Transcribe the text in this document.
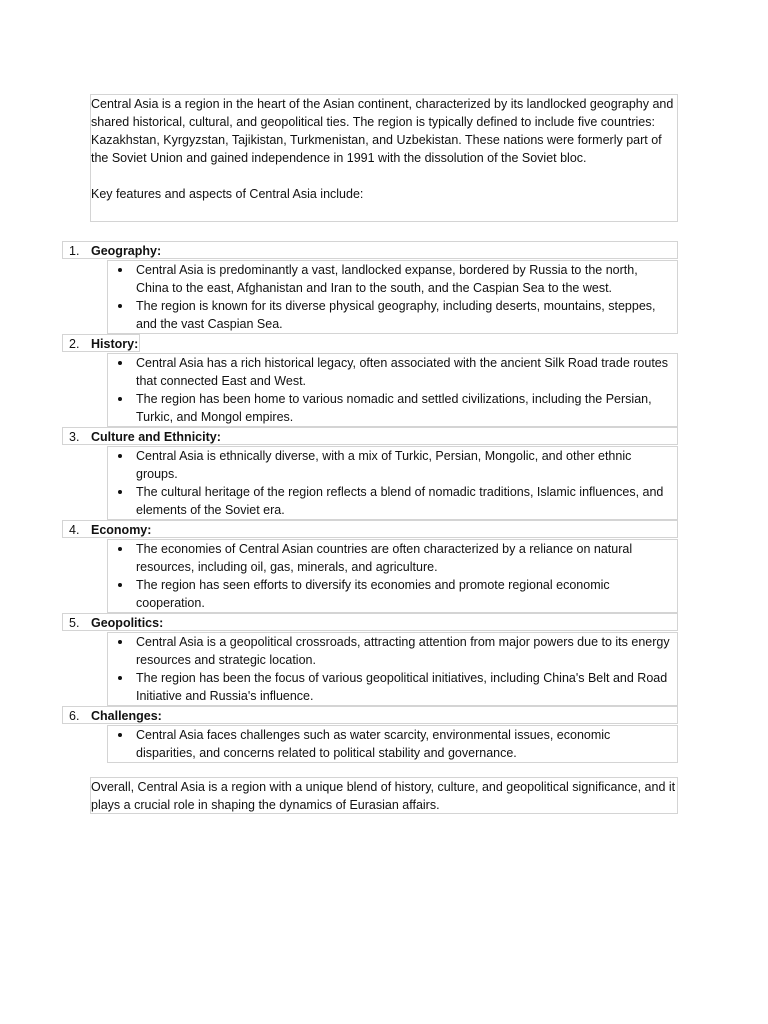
Central Asia is a region in the heart of the Asian continent, characterized by its landlocked geography and shared historical, cultural, and geopolitical ties. The region is typically defined to include five countries: Kazakhstan, Kyrgyzstan, Tajikistan, Turkmenistan, and Uzbekistan. These nations were formerly part of the Soviet Union and gained independence in 1991 with the dissolution of the Soviet bloc.

Key features and aspects of Central Asia include:

1. Geography:
Central Asia is predominantly a vast, landlocked expanse, bordered by Russia to the north, China to the east, Afghanistan and Iran to the south, and the Caspian Sea to the west.
The region is known for its diverse physical geography, including deserts, mountains, steppes, and the vast Caspian Sea.
2. History:
Central Asia has a rich historical legacy, often associated with the ancient Silk Road trade routes that connected East and West.
The region has been home to various nomadic and settled civilizations, including the Persian, Turkic, and Mongol empires.
3. Culture and Ethnicity:
Central Asia is ethnically diverse, with a mix of Turkic, Persian, Mongolic, and other ethnic groups.
The cultural heritage of the region reflects a blend of nomadic traditions, Islamic influences, and elements of the Soviet era.
4. Economy:
The economies of Central Asian countries are often characterized by a reliance on natural resources, including oil, gas, minerals, and agriculture.
The region has seen efforts to diversify its economies and promote regional economic cooperation.
5. Geopolitics:
Central Asia is a geopolitical crossroads, attracting attention from major powers due to its energy resources and strategic location.
The region has been the focus of various geopolitical initiatives, including China's Belt and Road Initiative and Russia's influence.
6. Challenges:
Central Asia faces challenges such as water scarcity, environmental issues, economic disparities, and concerns related to political stability and governance.

Overall, Central Asia is a region with a unique blend of history, culture, and geopolitical significance, and it plays a crucial role in shaping the dynamics of Eurasian affairs.
